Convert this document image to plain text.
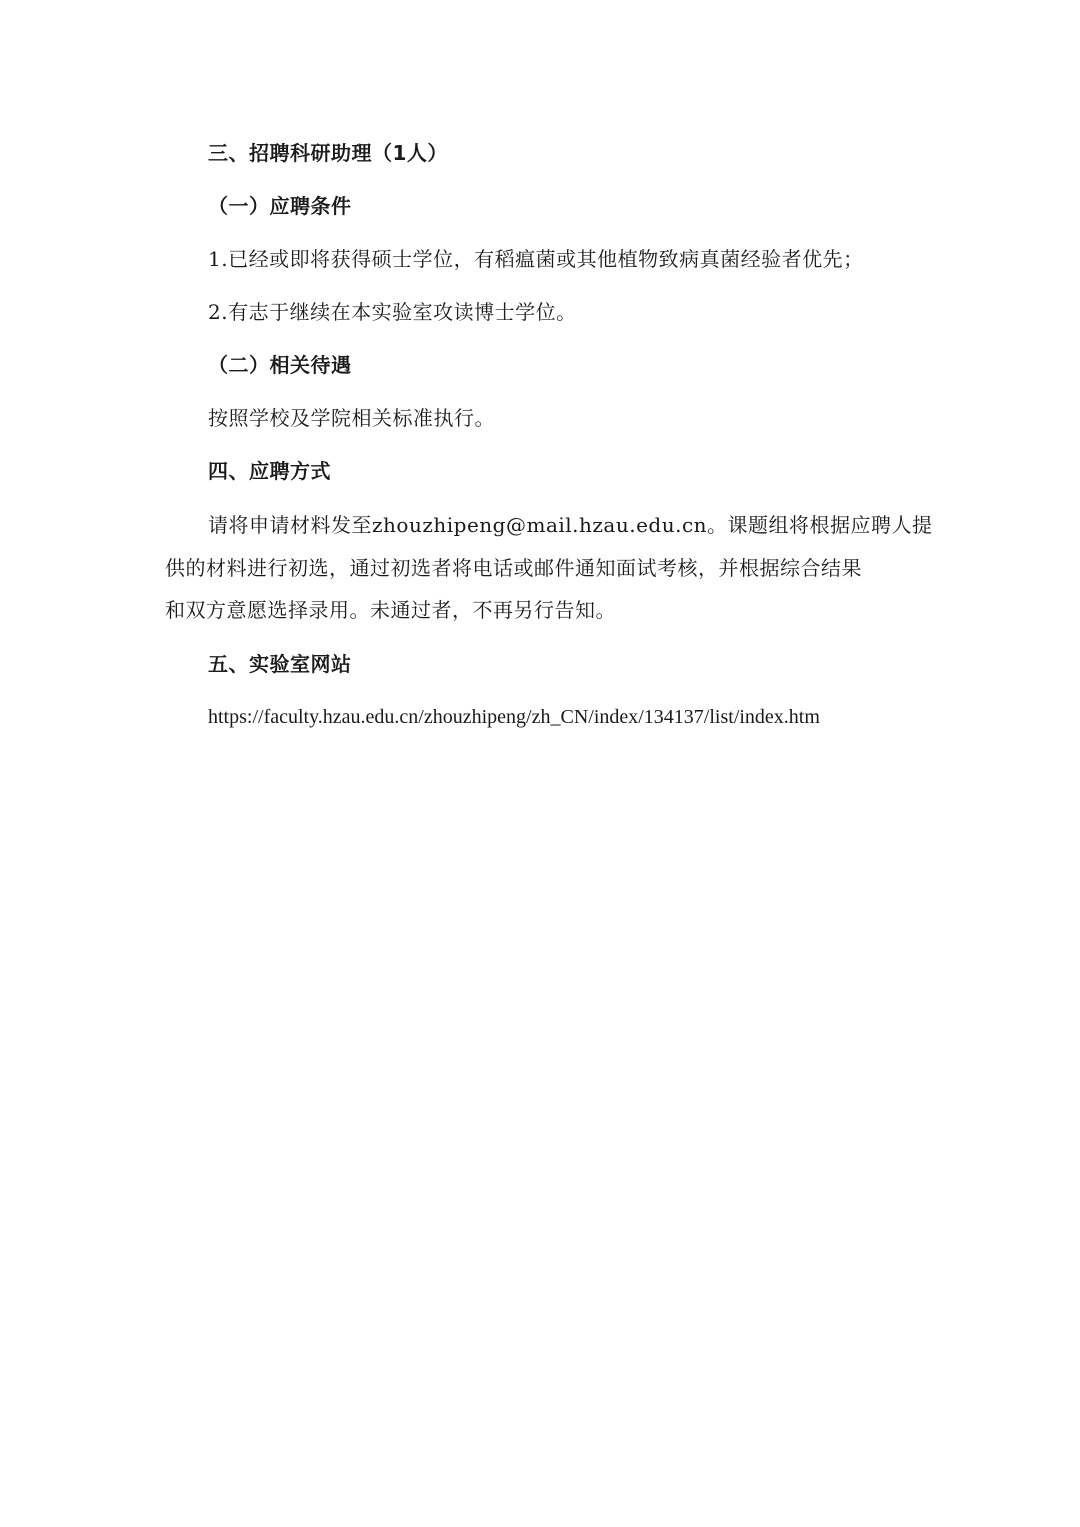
三、招聘科研助理（1人）
（一）应聘条件
1.已经或即将获得硕士学位，有稻瘟菌或其他植物致病真菌经验者优先；
2.有志于继续在本实验室攻读博士学位。
（二）相关待遇
按照学校及学院相关标准执行。
四、应聘方式
请将申请材料发至zhouzhipeng@mail.hzau.edu.cn。课题组将根据应聘人提
供的材料进行初选，通过初选者将电话或邮件通知面试考核，并根据综合结果
和双方意愿选择录用。未通过者，不再另行告知。
五、实验室网站
https://faculty.hzau.edu.cn/zhouzhipeng/zh_CN/index/134137/list/index.htm
